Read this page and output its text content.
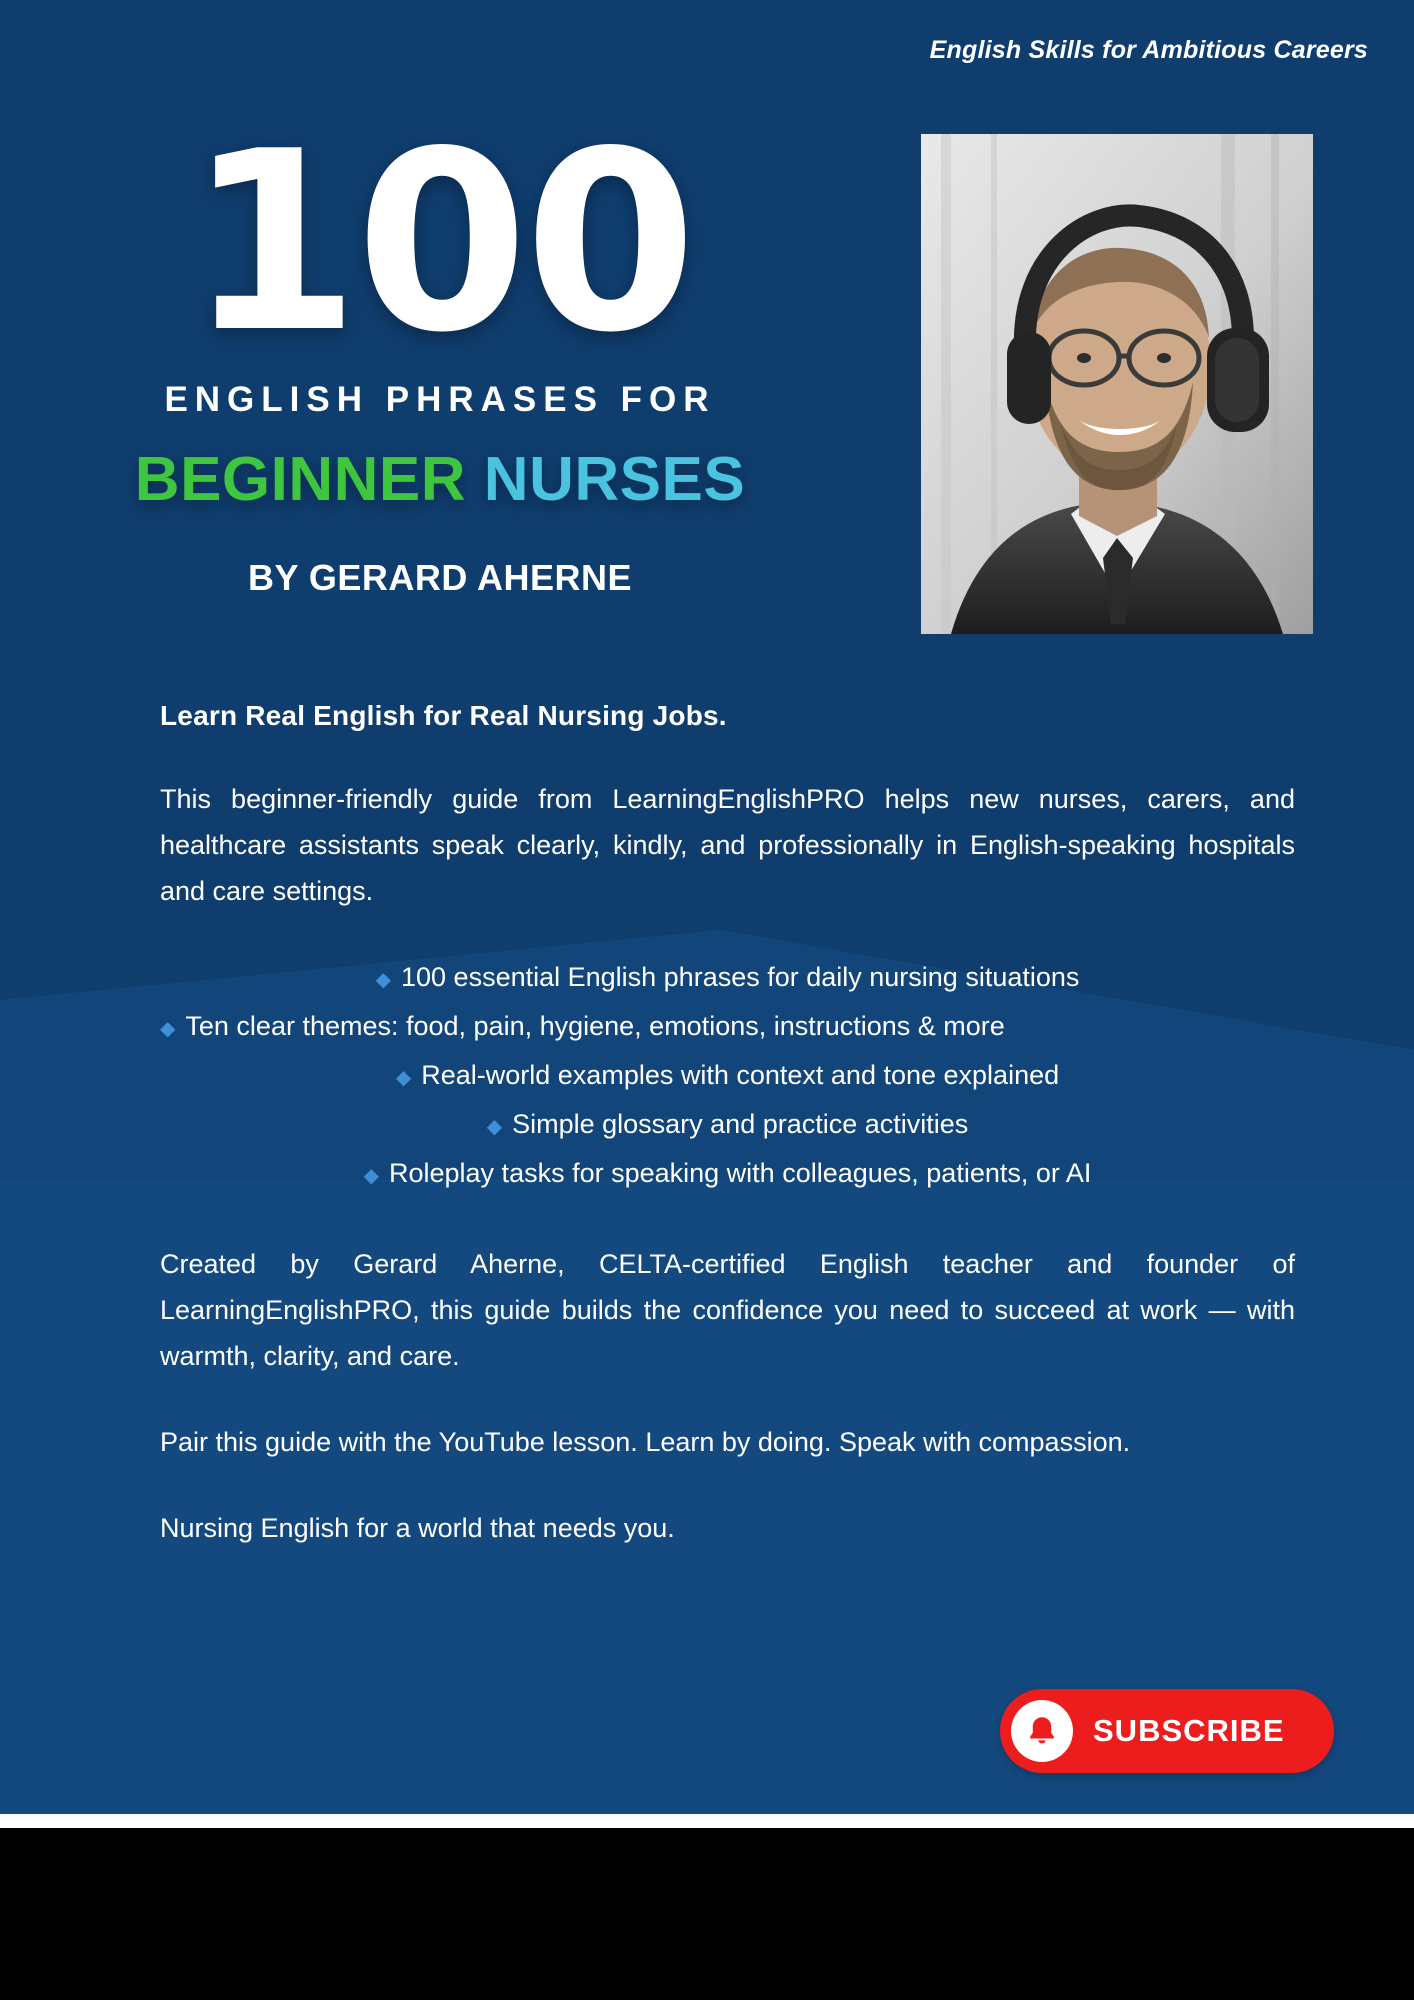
English Skills for Ambitious Careers
100
ENGLISH PHRASES FOR
BEGINNER NURSES
BY GERARD AHERNE
Learn Real English for Real Nursing Jobs.
This beginner-friendly guide from LearningEnglishPRO helps new nurses, carers, and healthcare assistants speak clearly, kindly, and professionally in English-speaking hospitals and care settings.
◆ 100 essential English phrases for daily nursing situations
◆ Ten clear themes: food, pain, hygiene, emotions, instructions & more
◆ Real-world examples with context and tone explained
◆ Simple glossary and practice activities
◆ Roleplay tasks for speaking with colleagues, patients, or AI
Created by Gerard Aherne, CELTA-certified English teacher and founder of LearningEnglishPRO, this guide builds the confidence you need to succeed at work — with warmth, clarity, and care.
Pair this guide with the YouTube lesson. Learn by doing. Speak with compassion.
Nursing English for a world that needs you.
SUBSCRIBE
